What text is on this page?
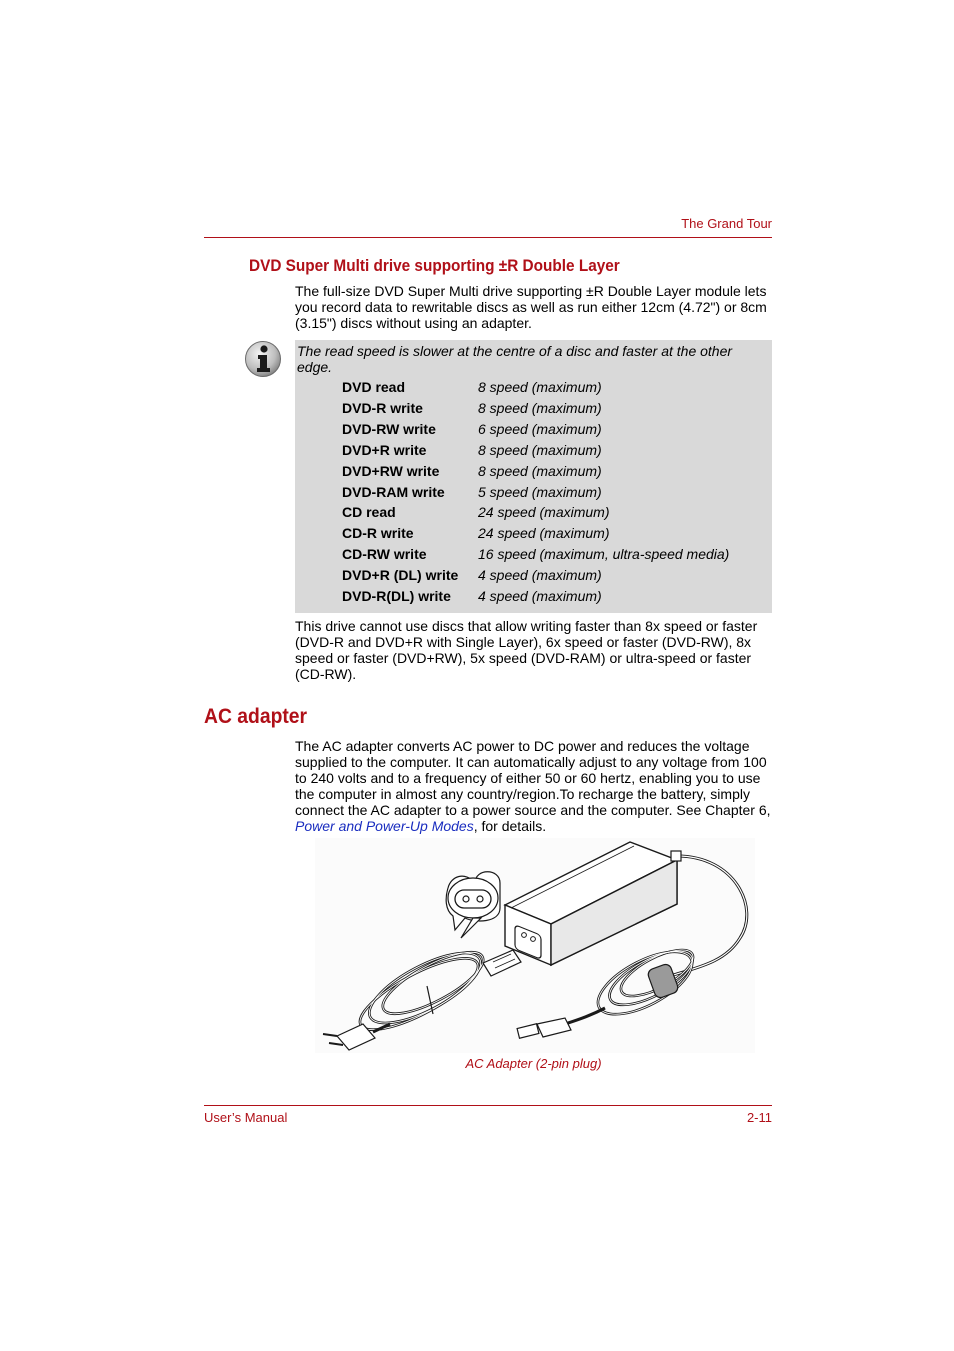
The Grand Tour
DVD Super Multi drive supporting ±R Double Layer
The full-size DVD Super Multi drive supporting ±R Double Layer module lets you record data to rewritable discs as well as run either 12cm (4.72") or 8cm (3.15") discs without using an adapter.
The read speed is slower at the centre of a disc and faster at the other edge.
DVD read	8 speed (maximum)
DVD-R write	8 speed (maximum)
DVD-RW write	6 speed (maximum)
DVD+R write	8 speed (maximum)
DVD+RW write	8 speed (maximum)
DVD-RAM write 5 speed (maximum)
CD read	24 speed (maximum)
CD-R write	24 speed (maximum)
CD-RW write	16 speed (maximum, ultra-speed media)
DVD+R (DL) write 4 speed (maximum)
DVD-R(DL) write 4 speed (maximum)
This drive cannot use discs that allow writing faster than 8x speed or faster (DVD-R and DVD+R with Single Layer), 6x speed or faster (DVD-RW), 8x speed or faster (DVD+RW), 5x speed (DVD-RAM) or ultra-speed or faster (CD-RW).
AC adapter
The AC adapter converts AC power to DC power and reduces the voltage supplied to the computer. It can automatically adjust to any voltage from 100 to 240 volts and to a frequency of either 50 or 60 hertz, enabling you to use the computer in almost any country/region.To recharge the battery, simply connect the AC adapter to a power source and the computer. See Chapter 6, Power and Power-Up Modes, for details.
AC Adapter (2-pin plug)
User’s Manual	2-11
